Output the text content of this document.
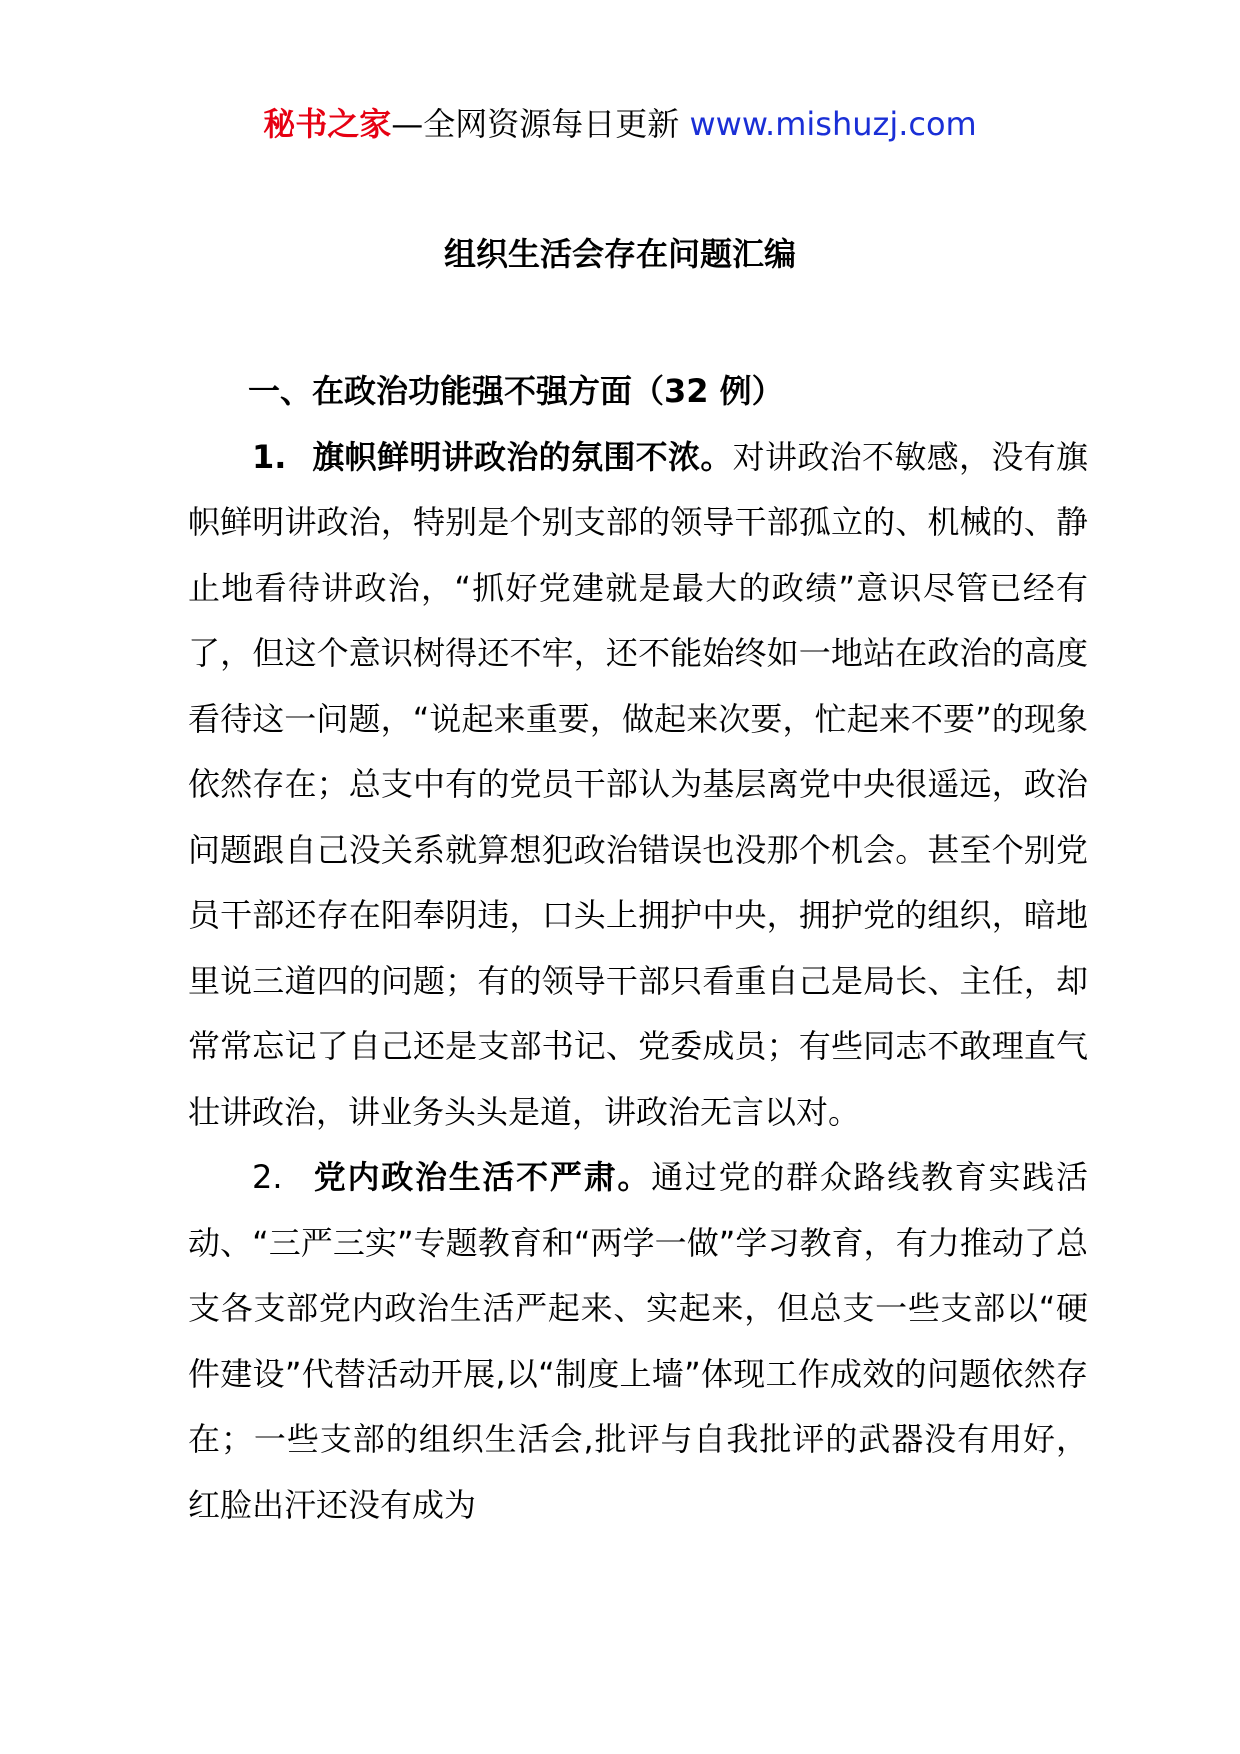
秘书之家—全网资源每日更新 www.mishuzj.com
组织生活会存在问题汇编

一、在政治功能强不强方面（32 例）

1. 旗帜鲜明讲政治的氛围不浓。对讲政治不敏感，没有旗帜鲜明讲政治，特别是个别支部的领导干部孤立的、机械的、静止地看待讲政治，“抓好党建就是最大的政绩”意识尽管已经有了，但这个意识树得还不牢，还不能始终如一地站在政治的高度看待这一问题，“说起来重要，做起来次要，忙起来不要”的现象依然存在；总支中有的党员干部认为基层离党中央很遥远，政治问题跟自己没关系就算想犯政治错误也没那个机会。甚至个别党员干部还存在阳奉阴违，口头上拥护中央，拥护党的组织，暗地里说三道四的问题；有的领导干部只看重自己是局长、主任，却常常忘记了自己还是支部书记、党委成员；有些同志不敢理直气壮讲政治，讲业务头头是道，讲政治无言以对。

2. 党内政治生活不严肃。通过党的群众路线教育实践活动、“三严三实”专题教育和“两学一做”学习教育，有力推动了总支各支部党内政治生活严起来、实起来，但总支一些支部以“硬件建设”代替活动开展,以“制度上墙”体现工作成效的问题依然存在；一些支部的组织生活会,批评与自我批评的武器没有用好，红脸出汗还没有成为
